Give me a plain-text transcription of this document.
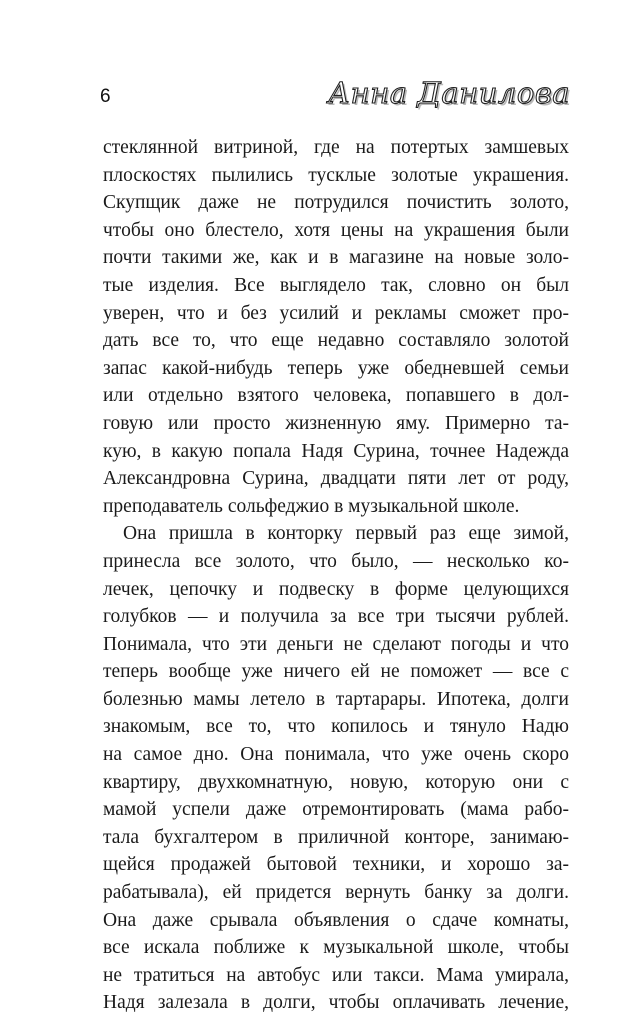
6	Анна Данилова
стеклянной витриной, где на потертых замшевых
плоскостях пылились тусклые золотые украшения.
Скупщик даже не потрудился почистить золото,
чтобы оно блестело, хотя цены на украшения были
почти такими же, как и в магазине на новые золо-
тые изделия. Все выглядело так, словно он был
уверен, что и без усилий и рекламы сможет про-
дать все то, что еще недавно составляло золотой
запас какой-нибудь теперь уже обедневшей семьи
или отдельно взятого человека, попавшего в дол-
говую или просто жизненную яму. Примерно та-
кую, в какую попала Надя Сурина, точнее Надежда
Александровна Сурина, двадцати пяти лет от роду,
преподаватель сольфеджио в музыкальной школе.
Она пришла в конторку первый раз еще зимой,
принесла все золото, что было, — несколько ко-
лечек, цепочку и подвеску в форме целующихся
голубков — и получила за все три тысячи рублей.
Понимала, что эти деньги не сделают погоды и что
теперь вообще уже ничего ей не поможет — все с
болезнью мамы летело в тартарары. Ипотека, долги
знакомым, все то, что копилось и тянуло Надю
на самое дно. Она понимала, что уже очень скоро
квартиру, двухкомнатную, новую, которую они с
мамой успели даже отремонтировать (мама рабо-
тала бухгалтером в приличной конторе, занимаю-
щейся продажей бытовой техники, и хорошо за-
рабатывала), ей придется вернуть банку за долги.
Она даже срывала объявления о сдаче комнаты,
все искала поближе к музыкальной школе, чтобы
не тратиться на автобус или такси. Мама умирала,
Надя залезала в долги, чтобы оплачивать лечение,
